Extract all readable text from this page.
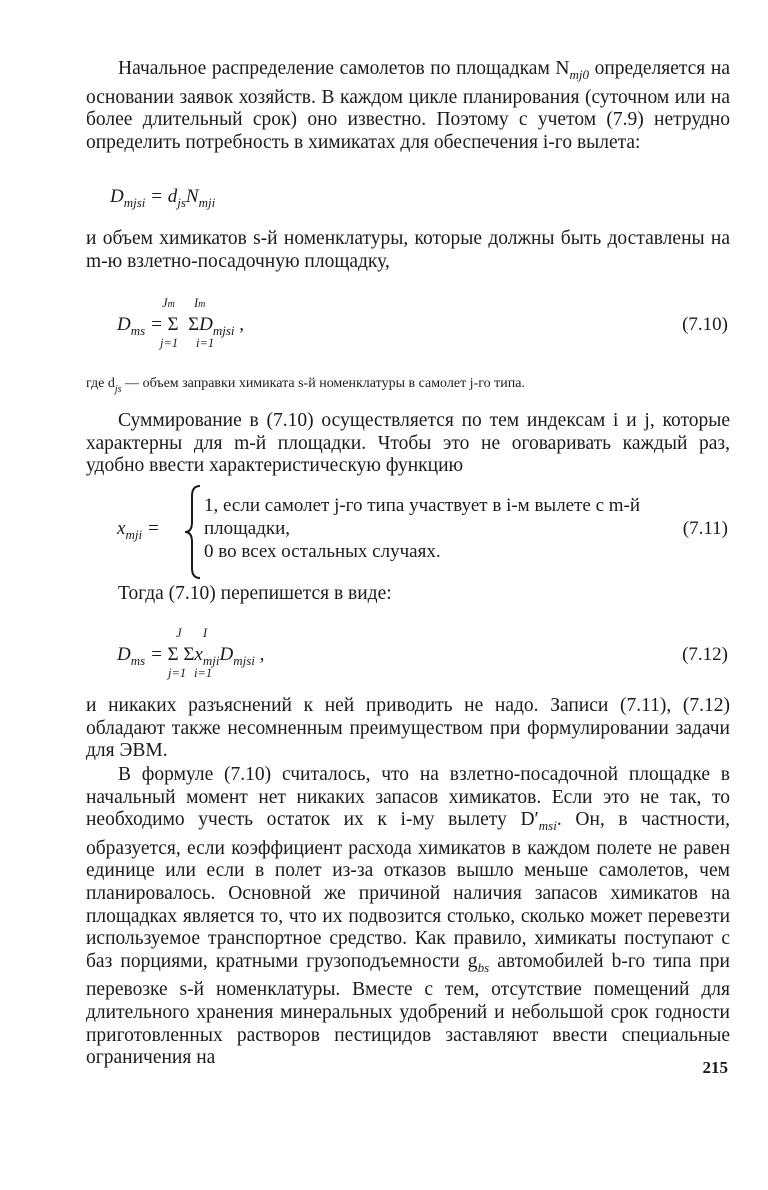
Начальное распределение самолетов по площадкам $N_{mj0}$ определяется на основании заявок хозяйств. В каждом цикле планирования (суточном или на более длительный срок) оно известно. Поэтому с учетом (7.9) нетрудно определить потребность в химикатах для обеспечения i-го вылета:

$D_{mjsi} = d_{js}N_{mji}$

и объем химикатов s-й номенклатуры, которые должны быть доставлены на m-ю взлетно-посадочную площадку,

Jm Im
$D_{ms} = \Sigma$ $\Sigma D_{mjsi}$ ,
j=1 i=1
(7.10)

где $d_{js}$ — объем заправки химиката s-й номенклатуры в самолет j-го типа.

Суммирование в (7.10) осуществляется по тем индексам i и j, которые характерны для m-й площадки. Чтобы это не оговаривать каждый раз, удобно ввести характеристическую функцию

$x_{mji}$ =
1, если самолет j-го типа участвует в i-м вылете с m-й
площадки,
0 во всех остальных случаях.
(7.11)

Тогда (7.10) перепишется в виде:

J I
$D_{ms} = \Sigma$ $\Sigma x_{mji}D_{mjsi}$ ,
j=1 i=1
(7.12)

и никаких разъяснений к ней приводить не надо. Записи (7.11), (7.12) обладают также несомненным преимуществом при формулировании задачи для ЭВМ.

В формуле (7.10) считалось, что на взлетно-посадочной площадке в начальный момент нет никаких запасов химикатов. Если это не так, то необходимо учесть остаток их к i-му вылету $D'_{msi}$. Он, в частности, образуется, если коэффициент расхода химикатов в каждом полете не равен единице или если в полет из-за отказов вышло меньше самолетов, чем планировалось. Основной же причиной наличия запасов химикатов на площадках является то, что их подвозится столько, сколько может перевезти используемое транспортное средство. Как правило, химикаты поступают с баз порциями, кратными грузоподъемности $g_{bs}$ автомобилей b-го типа при перевозке s-й номенклатуры. Вместе с тем, отсутствие помещений для длительного хранения минеральных удобрений и небольшой срок годности приготовленных растворов пестицидов заставляют ввести специальные ограничения на	215
